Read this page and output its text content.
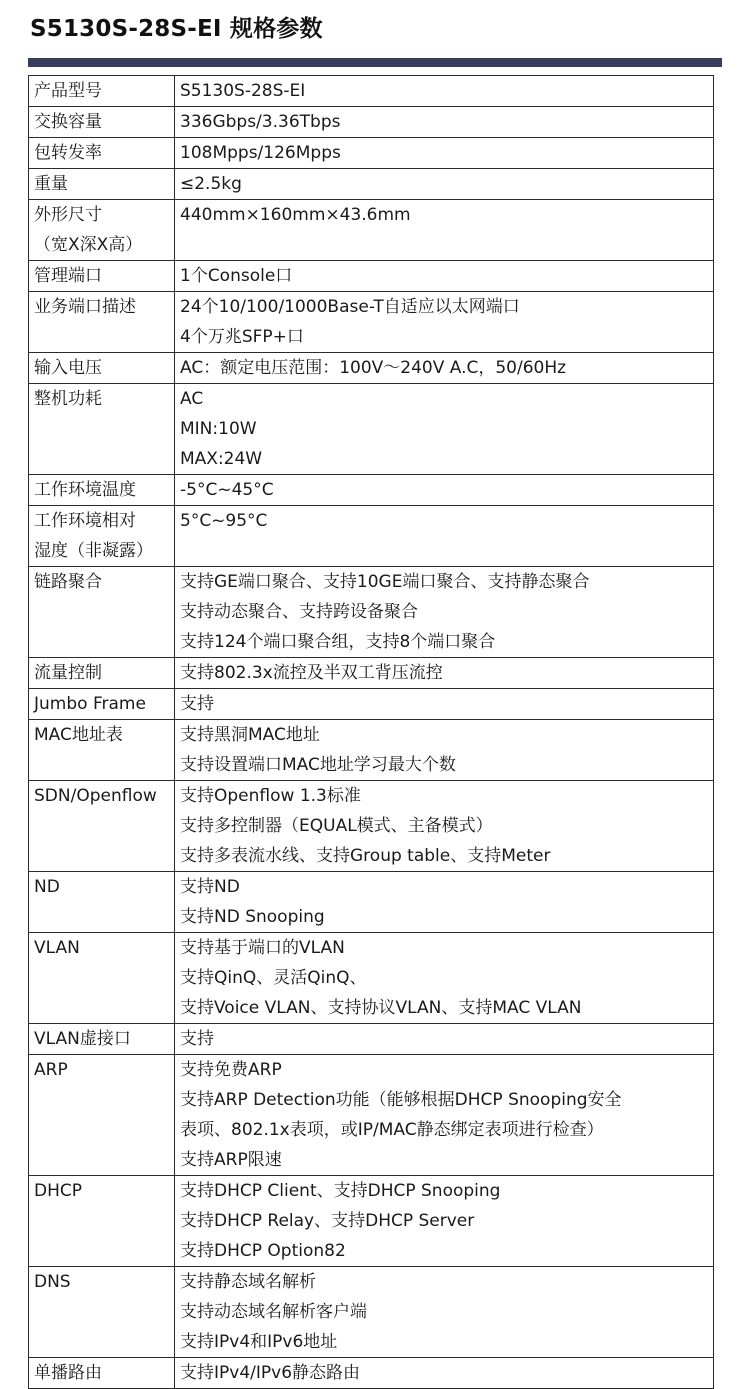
S5130S-28S-EI 规格参数
产品型号	S5130S-28S-EI

交换容量	336Gbps/3.36Tbps

包转发率	108Mpps/126Mpps

重量	≤2.5kg

外形尺寸
（宽X深X高）	440mm×160mm×43.6mm

管理端口	1个Console口

业务端口描述	24个10/100/1000Base-T自适应以太网端口
4个万兆SFP+口

输入电压	AC：额定电压范围：100V～240V A.C，50/60Hz

整机功耗	AC
MIN:10W
MAX:24W

工作环境温度	-5°C~45°C

工作环境相对
湿度（非凝露）	5°C~95°C

链路聚合	支持GE端口聚合、支持10GE端口聚合、支持静态聚合
支持动态聚合、支持跨设备聚合
支持124个端口聚合组，支持8个端口聚合

流量控制	支持802.3x流控及半双工背压流控

Jumbo Frame	支持

MAC地址表	支持黑洞MAC地址
支持设置端口MAC地址学习最大个数

SDN/Openflow	支持Openflow 1.3标准
支持多控制器（EQUAL模式、主备模式）
支持多表流水线、支持Group table、支持Meter

ND	支持ND
支持ND Snooping

VLAN	支持基于端口的VLAN
支持QinQ、灵活QinQ、
支持Voice VLAN、支持协议VLAN、支持MAC VLAN

VLAN虚接口	支持

ARP	支持免费ARP
支持ARP Detection功能（能够根据DHCP Snooping安全
表项、802.1x表项，或IP/MAC静态绑定表项进行检查）
支持ARP限速

DHCP	支持DHCP Client、支持DHCP Snooping
支持DHCP Relay、支持DHCP Server
支持DHCP Option82

DNS	支持静态域名解析
支持动态域名解析客户端
支持IPv4和IPv6地址

单播路由	支持IPv4/IPv6静态路由
